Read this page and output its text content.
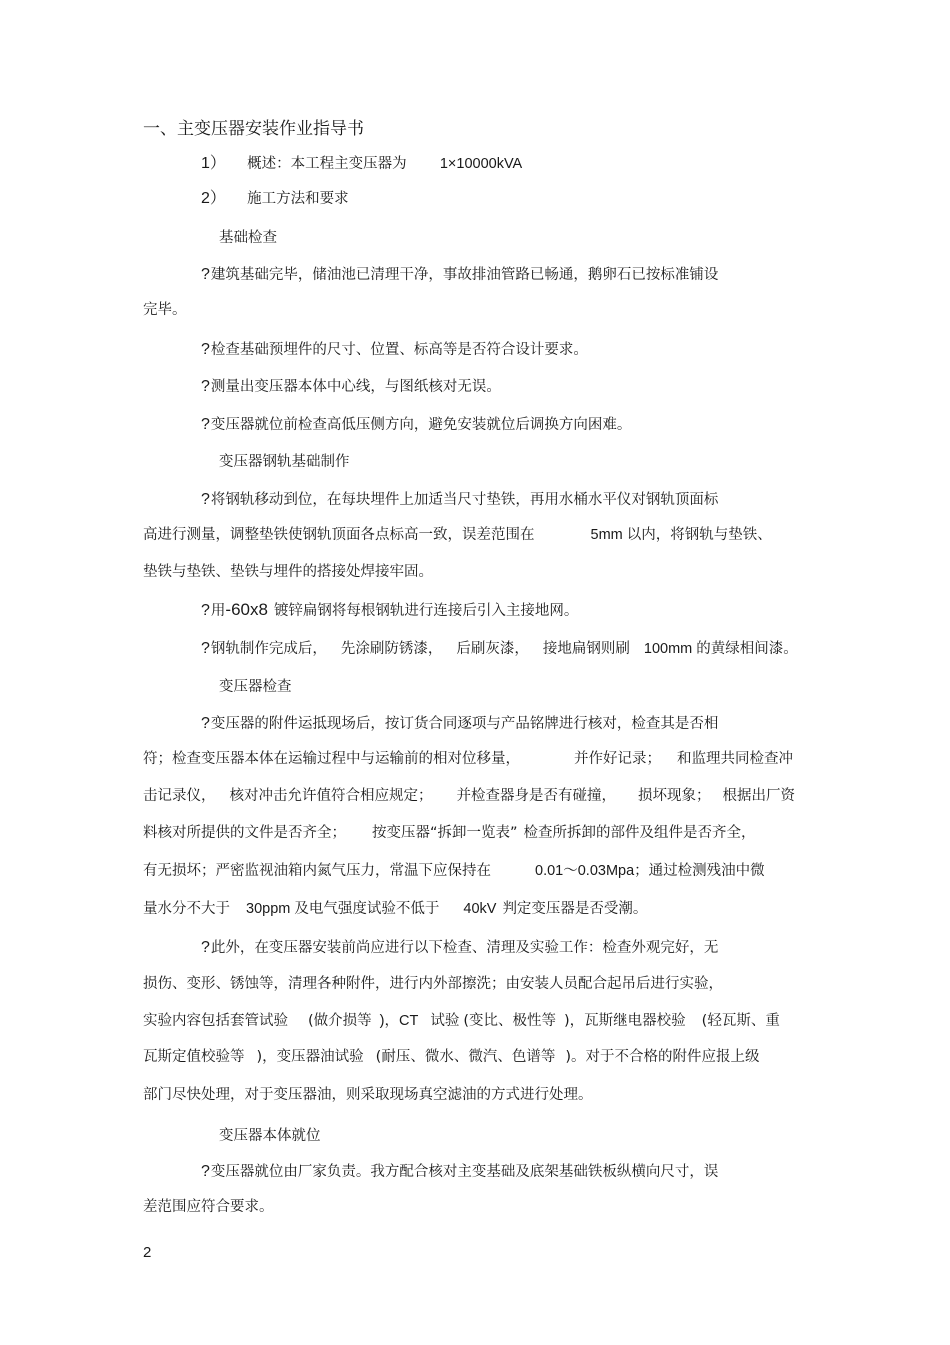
一、主变压器安装作业指导书
1） 概述：本工程主变压器为 1×10000kVA
2） 施工方法和要求
基础检查
?建筑基础完毕，储油池已清理干净，事故排油管路已畅通，鹅卵石已按标准铺设
完毕。
?检查基础预埋件的尺寸、位置、标高等是否符合设计要求。
?测量出变压器本体中心线，与图纸核对无误。
?变压器就位前检查高低压侧方向，避免安装就位后调换方向困难。
变压器钢轨基础制作
?将钢轨移动到位，在每块埋件上加适当尺寸垫铁，再用水桶水平仪对钢轨顶面标
高进行测量，调整垫铁使钢轨顶面各点标高一致，误差范围在	5mm 以内，将钢轨与垫铁、
垫铁与垫铁、垫铁与埋件的搭接处焊接牢固。
?用-60x8 镀锌扁钢将每根钢轨进行连接后引入主接地网。
?钢轨制作完成后， 先涂刷防锈漆， 后刷灰漆， 接地扁钢则刷 100mm 的黄绿相间漆。
变压器检查
?变压器的附件运抵现场后，按订货合同逐项与产品铭牌进行核对，检查其是否相
符；检查变压器本体在运输过程中与运输前的相对位移量，	并作好记录； 和监理共同检查冲
击记录仪， 核对冲击允许值符合相应规定； 并检查器身是否有碰撞， 损坏现象； 根据出厂资
料核对所提供的文件是否齐全； 按变压器“拆卸一览表” 检查所拆卸的部件及组件是否齐全，
有无损坏；严密监视油箱内氮气压力，常温下应保持在	0.01～0.03Mpa；通过检测残油中微
量水分不大于 30ppm 及电气强度试验不低于 40kV 判定变压器是否受潮。
?此外，在变压器安装前尚应进行以下检查、清理及实验工作：检查外观完好，无
损伤、变形、锈蚀等，清理各种附件，进行内外部擦洗；由安装人员配合起吊后进行实验，
实验内容包括套管试验 (做介损等 )，CT 试验 (变比、极性等 )，瓦斯继电器校验 (轻瓦斯、重
瓦斯定值校验等 )，变压器油试验 (耐压、微水、微汽、色谱等 )。对于不合格的附件应报上级
部门尽快处理，对于变压器油，则采取现场真空滤油的方式进行处理。
变压器本体就位
?变压器就位由厂家负责。我方配合核对主变基础及底架基础铁板纵横向尺寸，误
差范围应符合要求。
2
